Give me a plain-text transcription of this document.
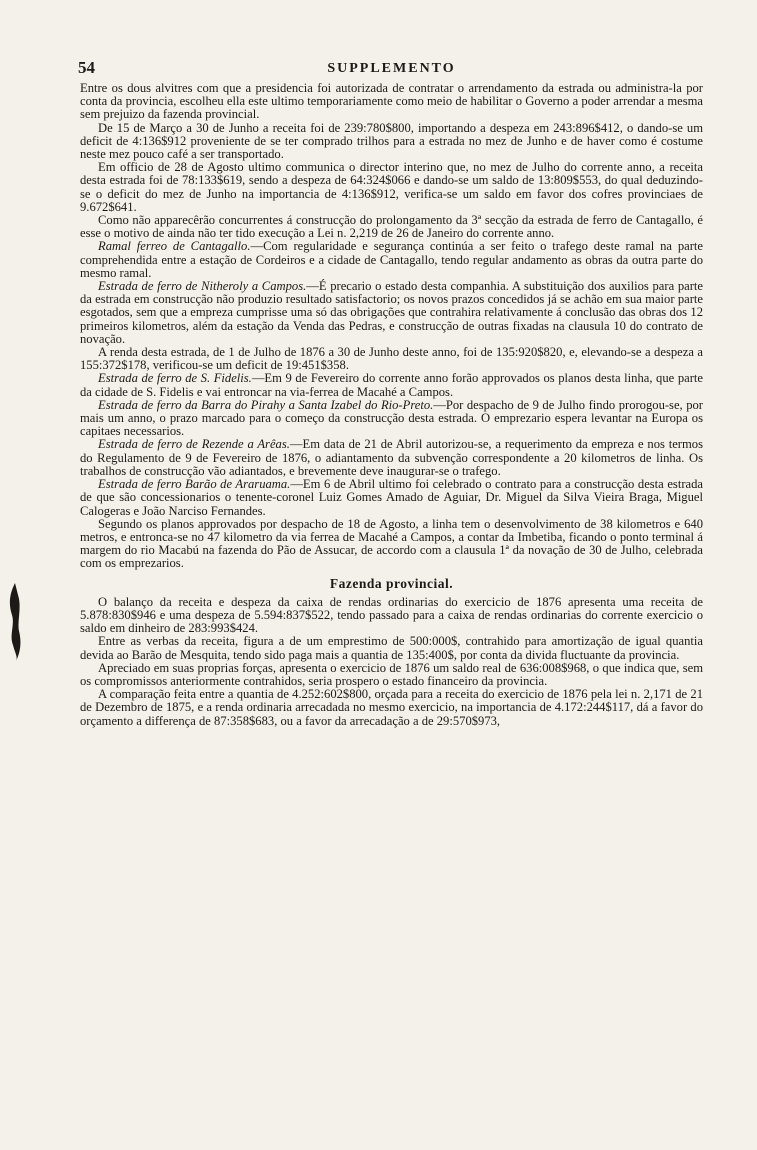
54	SUPPLEMENTO

Entre os dous alvitres com que a presidencia foi autorizada de contratar o arrendamento da estrada ou administra-la por conta da provincia, escolheu ella este ultimo temporariamente como meio de habilitar o Governo a poder arrendar a mesma sem prejuizo da fazenda provincial.

De 15 de Março a 30 de Junho a receita foi de 239:780$800, importando a despeza em 243:896$412, o dando-se um deficit de 4:136$912 proveniente de se ter comprado trilhos para a estrada no mez de Junho e de haver como é costume neste mez pouco café a ser transportado.

Em officio de 28 de Agosto ultimo communica o director interino que, no mez de Julho do corrente anno, a receita desta estrada foi de 78:133$619, sendo a despeza de 64:324$066 e dando-se um saldo de 13:809$553, do qual deduzindo-se o deficit do mez de Junho na importancia de 4:136$912, verifica-se um saldo em favor dos cofres provinciaes de 9.672$641.

Como não apparecêrão concurrentes á construcção do prolongamento da 3ª secção da estrada de ferro de Cantagallo, é esse o motivo de ainda não ter tido execução a Lei n. 2,219 de 26 de Janeiro do corrente anno.

Ramal ferreo de Cantagallo.—Com regularidade e segurança continúa a ser feito o trafego deste ramal na parte comprehendida entre a estação de Cordeiros e a cidade de Cantagallo, tendo regular andamento as obras da outra parte do mesmo ramal.

Estrada de ferro de Nitheroly a Campos.—É precario o estado desta companhia. A substituição dos auxilios para parte da estrada em construcção não produzio resultado satisfactorio; os novos prazos concedidos já se achão em sua maior parte esgotados, sem que a empreza cumprisse uma só das obrigações que contrahira relativamente á conclusão das obras dos 12 primeiros kilometros, além da estação da Venda das Pedras, e construcção de outras fixadas na clausula 10 do contrato de novação.

A renda desta estrada, de 1 de Julho de 1876 a 30 de Junho deste anno, foi de 135:920$820, e, elevando-se a despeza a 155:372$178, verificou-se um deficit de 19:451$358.

Estrada de ferro de S. Fidelis.—Em 9 de Fevereiro do corrente anno forão approvados os planos desta linha, que parte da cidade de S. Fidelis e vai entroncar na via-ferrea de Macahé a Campos.

Estrada de ferro da Barra do Pirahy a Santa Izabel do Rio-Preto.—Por despacho de 9 de Julho findo prorogou-se, por mais um anno, o prazo marcado para o começo da construcção desta estrada. O emprezario espera levantar na Europa os capitaes necessarios.

Estrada de ferro de Rezende a Arêas.—Em data de 21 de Abril autorizou-se, a requerimento da empreza e nos termos do Regulamento de 9 de Fevereiro de 1876, o adiantamento da subvenção correspondente a 20 kilometros de linha. Os trabalhos de construcção vão adiantados, e brevemente deve inaugurar-se o trafego.

Estrada de ferro Barão de Araruama.—Em 6 de Abril ultimo foi celebrado o contrato para a construcção desta estrada de que são concessionarios o tenente-coronel Luiz Gomes Amado de Aguiar, Dr. Miguel da Silva Vieira Braga, Miguel Calogeras e João Narciso Fernandes.

Segundo os planos approvados por despacho de 18 de Agosto, a linha tem o desenvolvimento de 38 kilometros e 640 metros, e entronca-se no 47 kilometro da via ferrea de Macahé a Campos, a contar da Imbetiba, ficando o ponto terminal á margem do rio Macabú na fazenda do Pão de Assucar, de accordo com a clausula 1ª da novação de 30 de Julho, celebrada com os emprezarios.

Fazenda provincial.

O balanço da receita e despeza da caixa de rendas ordinarias do exercicio de 1876 apresenta uma receita de 5.878:830$946 e uma despeza de 5.594:837$522, tendo passado para a caixa de rendas ordinarias do corrente exercicio o saldo em dinheiro de 283:993$424.

Entre as verbas da receita, figura a de um emprestimo de 500:000$, contrahido para amortização de igual quantia devida ao Barão de Mesquita, tendo sido paga mais a quantia de 135:400$, por conta da divida fluctuante da provincia.

Apreciado em suas proprias forças, apresenta o exercicio de 1876 um saldo real de 636:008$968, o que indica que, sem os compromissos anteriormente contrahidos, seria prospero o estado financeiro da provincia.

A comparação feita entre a quantia de 4.252:602$800, orçada para a receita do exercicio de 1876 pela lei n. 2,171 de 21 de Dezembro de 1875, e a renda ordinaria arrecadada no mesmo exercicio, na importancia de 4.172:244$117, dá a favor do orçamento a differença de 87:358$683, ou a favor da arrecadação a de 29:570$973,
